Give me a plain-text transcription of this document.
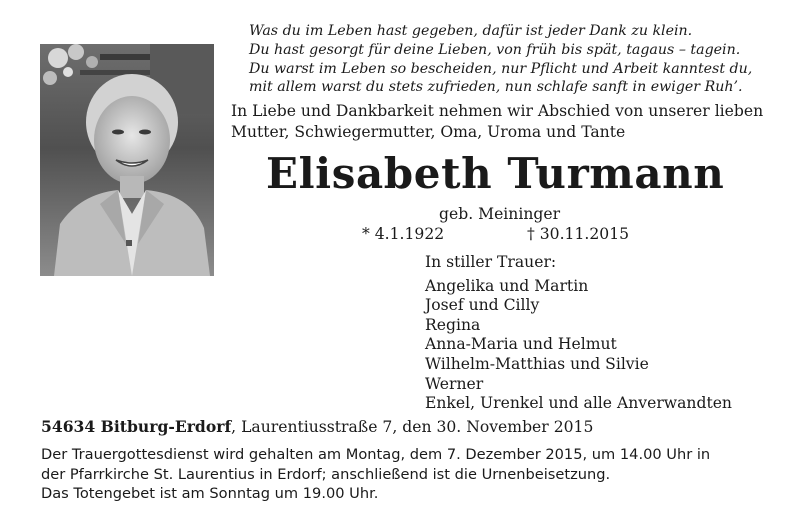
Was du im Leben hast gegeben, dafür ist jeder Dank zu klein.
Du hast gesorgt für deine Lieben, von früh bis spät, tagaus – tagein.
Du warst im Leben so bescheiden, nur Pflicht und Arbeit kanntest du,
mit allem warst du stets zufrieden, nun schlafe sanft in ewiger Ruh’.
In Liebe und Dankbarkeit nehmen wir Abschied von unserer lieben
Mutter, Schwiegermutter, Oma, Uroma und Tante
Elisabeth Turmann
geb. Meininger
* 4.1.1922	† 30.11.2015
In stiller Trauer:
Angelika und Martin
Josef und Cilly
Regina
Anna-Maria und Helmut
Wilhelm-Matthias und Silvie
Werner
Enkel, Urenkel und alle Anverwandten
54634 Bitburg-Erdorf, Laurentiusstraße 7, den 30. November 2015
Der Trauergottesdienst wird gehalten am Montag, dem 7. Dezember 2015, um 14.00 Uhr in
der Pfarrkirche St. Laurentius in Erdorf; anschließend ist die Urnenbeisetzung.
Das Totengebet ist am Sonntag um 19.00 Uhr.
